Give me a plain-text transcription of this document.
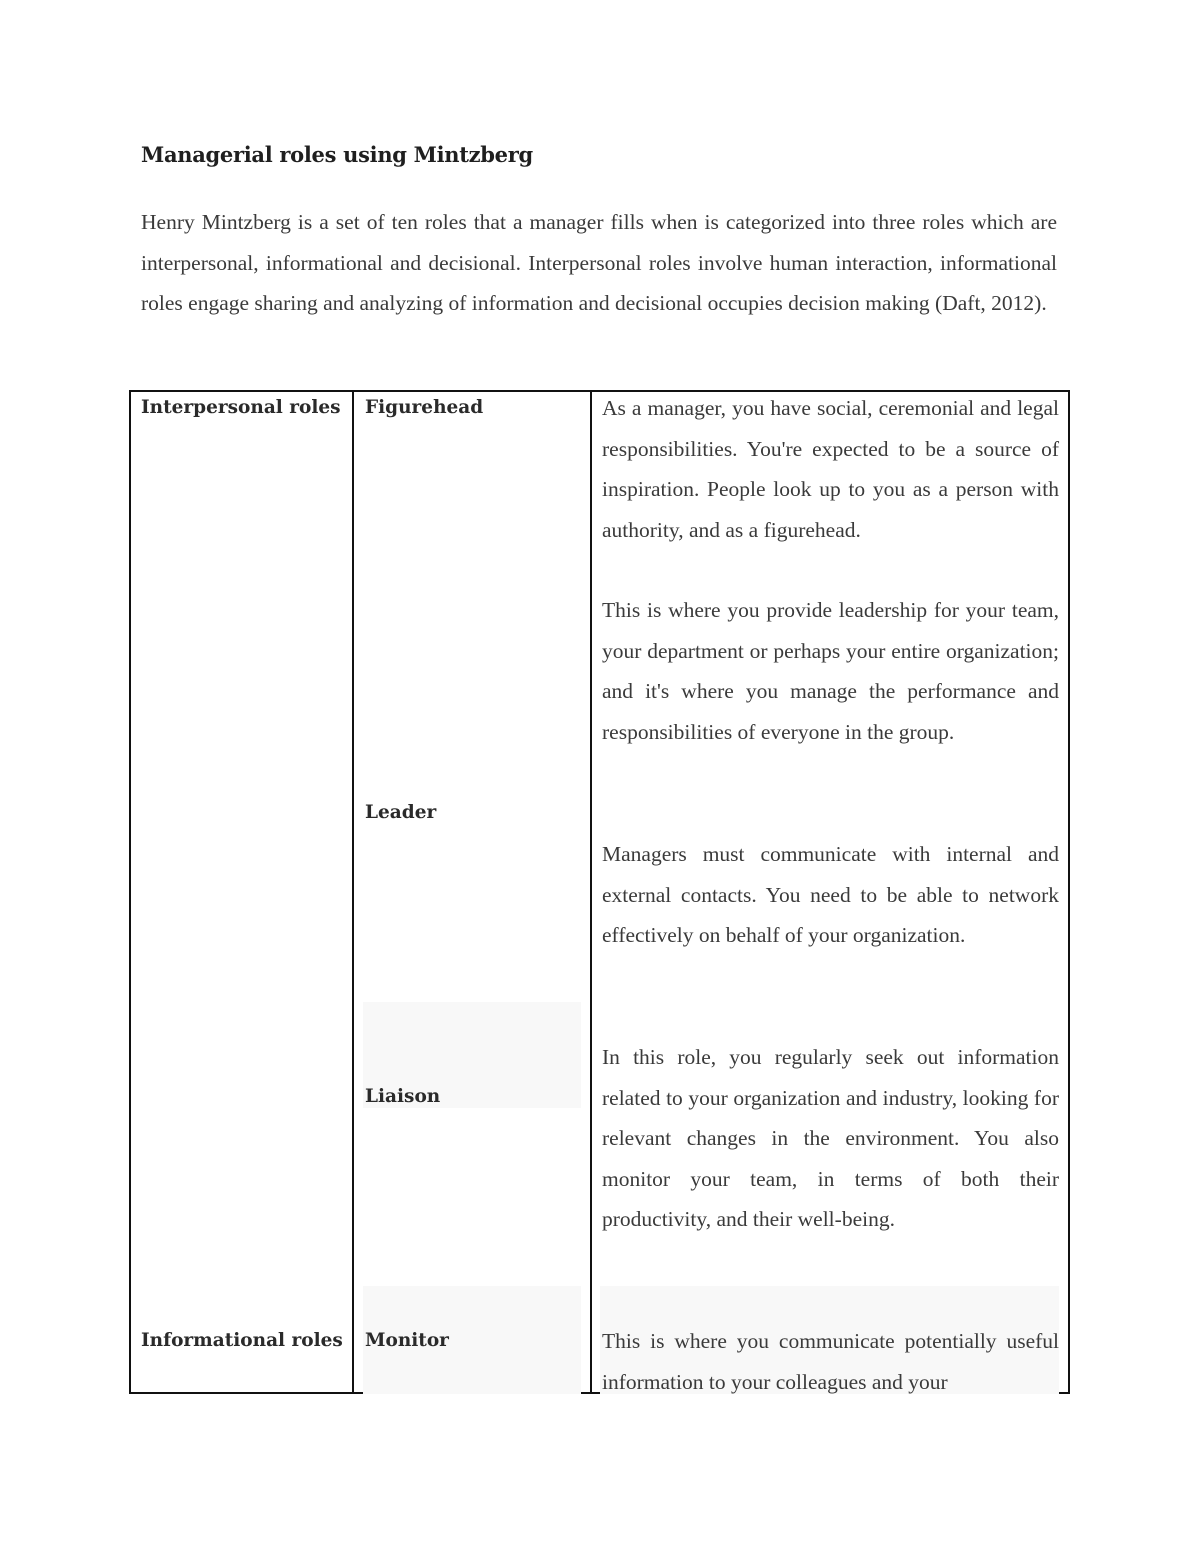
Managerial roles using Mintzberg

Henry Mintzberg is a set of ten roles that a manager fills when is categorized into three roles which are interpersonal, informational and decisional. Interpersonal roles involve human interaction, informational roles engage sharing and analyzing of information and decisional occupies decision making (Daft, 2012).

Interpersonal roles
Informational roles
Figurehead
Leader
Liaison
Monitor

As a manager, you have social, ceremonial and legal responsibilities. You're expected to be a source of inspiration. People look up to you as a person with authority, and as a figurehead.

This is where you provide leadership for your team, your department or perhaps your entire organization; and it's where you manage the performance and responsibilities of everyone in the group.

Managers must communicate with internal and external contacts. You need to be able to network effectively on behalf of your organization.

In this role, you regularly seek out information related to your organization and industry, looking for relevant changes in the environment. You also monitor your team, in terms of both their productivity, and their well-being.

This is where you communicate potentially useful information to your colleagues and your
